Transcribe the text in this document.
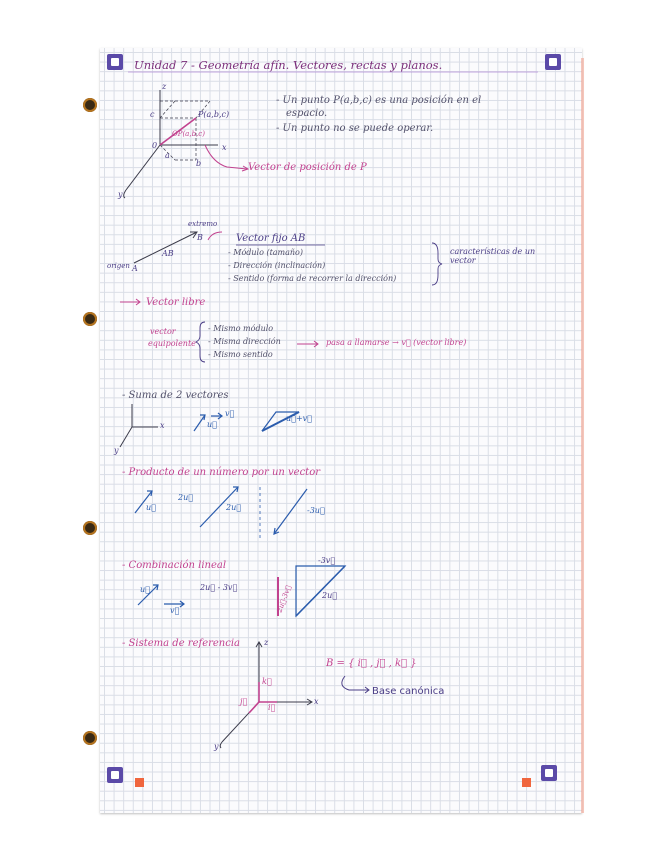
Unidad 7 - Geometría afín. Vectores, rectas y planos.
- Un punto P(a,b,c) es una posición en el
espacio.
- Un punto no se puede operar.
P(a,b,c)
OP(a,b,c)
x
z
y
c
b
a
0
Vector de posición de P
extremo
origen A
B
AB
Vector fijo AB
- Módulo (tamaño)
- Dirección (inclinación)
- Sentido (forma de recorrer la dirección)
características de un vector
Vector libre
vector
equipolente
- Mismo módulo
- Misma dirección
- Mismo sentido
pasa a llamarse → v⃗ (vector libre)
- Suma de 2 vectores
u⃗
v⃗
u⃗+v⃗
x
y
- Producto de un número por un vector
u⃗
2u⃗
2u⃗	-3u⃗
- Combinación lineal
u⃗
v⃗
2u⃗ - 3v⃗
-3v⃗
2u⃗
2u⃗-3v⃗
- Sistema de referencia
k⃗
i⃗
j⃗	x
z
y
B = { i⃗ , j⃗ , k⃗ }
Base canónica
